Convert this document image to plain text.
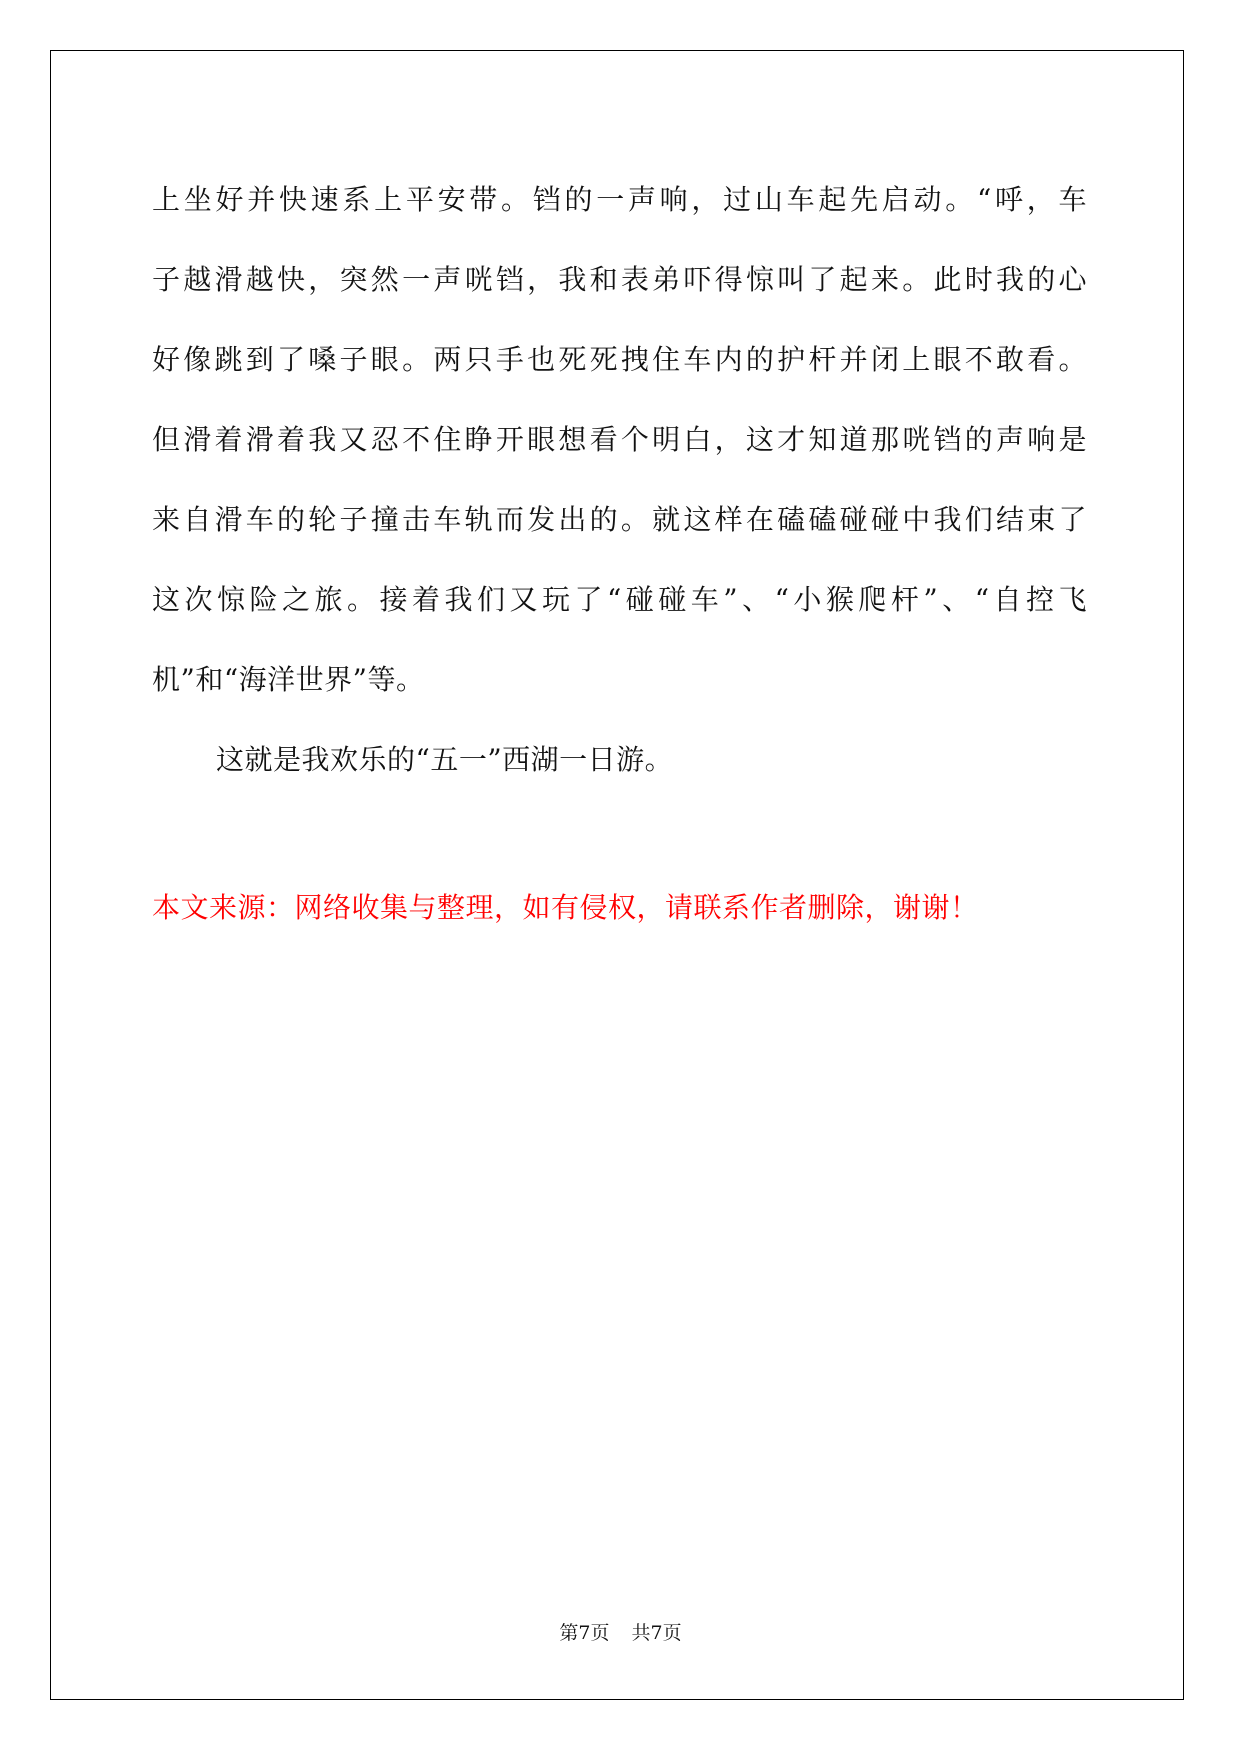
上坐好并快速系上平安带。铛的一声响，过山车起先启动。“呼，车
子越滑越快，突然一声咣铛，我和表弟吓得惊叫了起来。此时我的心
好像跳到了嗓子眼。两只手也死死拽住车内的护杆并闭上眼不敢看。
但滑着滑着我又忍不住睁开眼想看个明白，这才知道那咣铛的声响是
来自滑车的轮子撞击车轨而发出的。就这样在磕磕碰碰中我们结束了
这次惊险之旅。接着我们又玩了“碰碰车”、“小猴爬杆”、“自控飞
机”和“海洋世界”等。

这就是我欢乐的“五一”西湖一日游。

本文来源：网络收集与整理，如有侵权，请联系作者删除，谢谢！

第7页 共7页
